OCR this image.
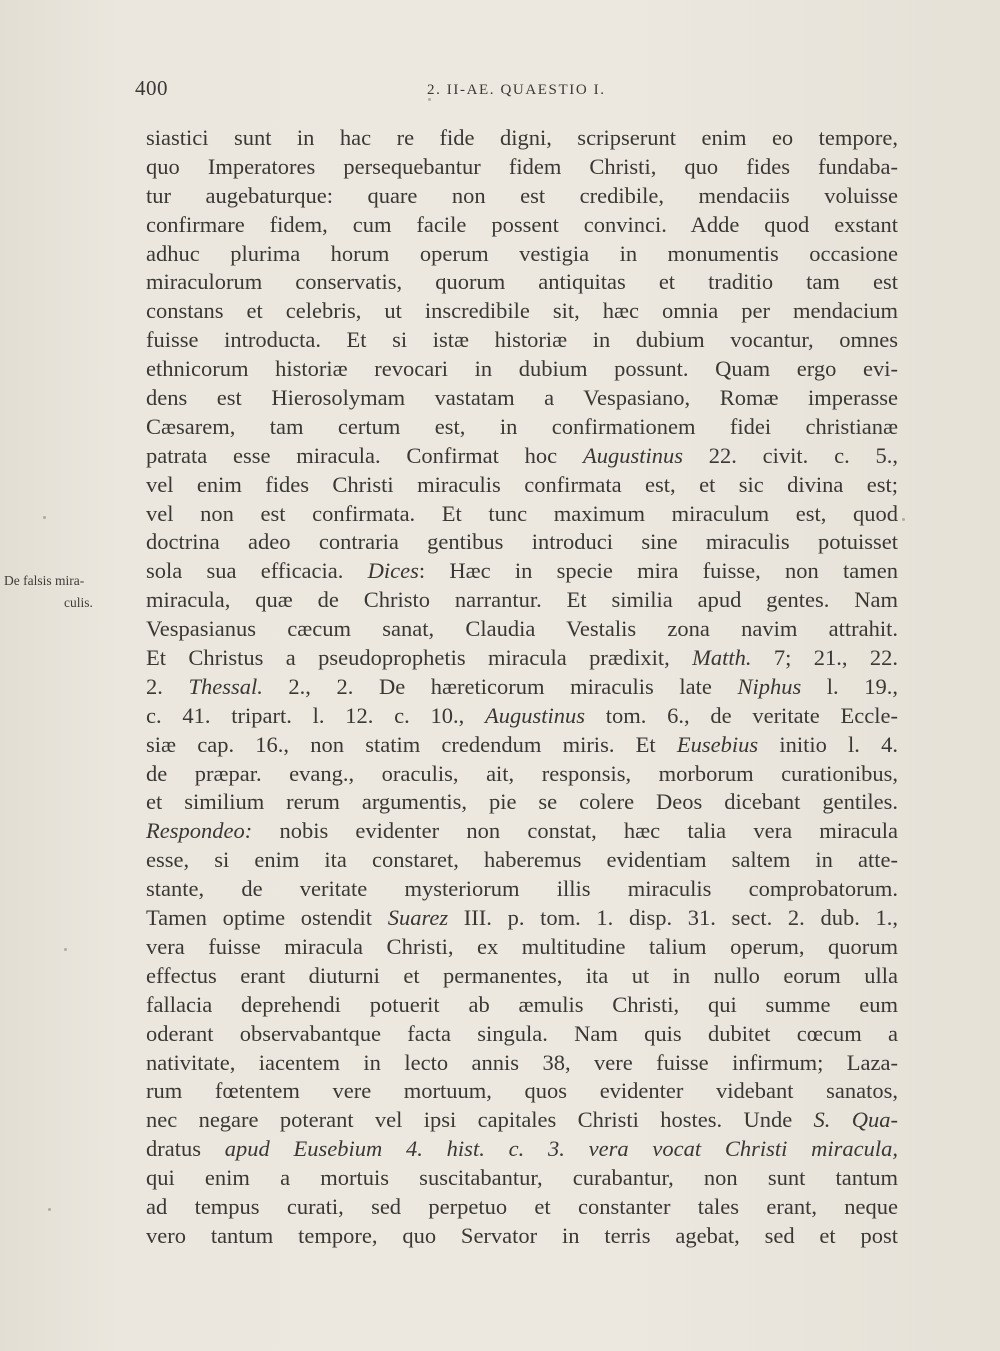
400	2. II-AE. QUAESTIO I.
De falsis mira-
culis.
siastici sunt in hac re fide digni, scripserunt enim eo tempore,
quo Imperatores persequebantur fidem Christi, quo fides fundaba-
tur augebaturque: quare non est credibile, mendaciis voluisse
confirmare fidem, cum facile possent convinci. Adde quod exstant
adhuc plurima horum operum vestigia in monumentis occasione
miraculorum conservatis, quorum antiquitas et traditio tam est
constans et celebris, ut inscredibile sit, hæc omnia per mendacium
fuisse introducta. Et si istæ historiæ in dubium vocantur, omnes
ethnicorum historiæ revocari in dubium possunt. Quam ergo evi-
dens est Hierosolymam vastatam a Vespasiano, Romæ imperasse
Cæsarem, tam certum est, in confirmationem fidei christianæ
patrata esse miracula. Confirmat hoc Augustinus 22. civit. c. 5.,
vel enim fides Christi miraculis confirmata est, et sic divina est;
vel non est confirmata. Et tunc maximum miraculum est, quod
doctrina adeo contraria gentibus introduci sine miraculis potuisset
sola sua efficacia. Dices: Hæc in specie mira fuisse, non tamen
miracula, quæ de Christo narrantur. Et similia apud gentes. Nam
Vespasianus cæcum sanat, Claudia Vestalis zona navim attrahit.
Et Christus a pseudoprophetis miracula prædixit, Matth. 7; 21., 22.
2. Thessal. 2., 2. De hæreticorum miraculis late Niphus l. 19.,
c. 41. tripart. l. 12. c. 10., Augustinus tom. 6., de veritate Eccle-
siæ cap. 16., non statim credendum miris. Et Eusebius initio l. 4.
de præpar. evang., oraculis, ait, responsis, morborum curationibus,
et similium rerum argumentis, pie se colere Deos dicebant gentiles.
Respondeo: nobis evidenter non constat, hæc talia vera miracula
esse, si enim ita constaret, haberemus evidentiam saltem in atte-
stante, de veritate mysteriorum illis miraculis comprobatorum.
Tamen optime ostendit Suarez III. p. tom. 1. disp. 31. sect. 2. dub. 1.,
vera fuisse miracula Christi, ex multitudine talium operum, quorum
effectus erant diuturni et permanentes, ita ut in nullo eorum ulla
fallacia deprehendi potuerit ab æmulis Christi, qui summe eum
oderant observabantque facta singula. Nam quis dubitet cœcum a
nativitate, iacentem in lecto annis 38, vere fuisse infirmum; Laza-
rum fœtentem vere mortuum, quos evidenter videbant sanatos,
nec negare poterant vel ipsi capitales Christi hostes. Unde S. Qua-
dratus apud Eusebium 4. hist. c. 3. vera vocat Christi miracula,
qui enim a mortuis suscitabantur, curabantur, non sunt tantum
ad tempus curati, sed perpetuo et constanter tales erant, neque
vero tantum tempore, quo Servator in terris agebat, sed et post
